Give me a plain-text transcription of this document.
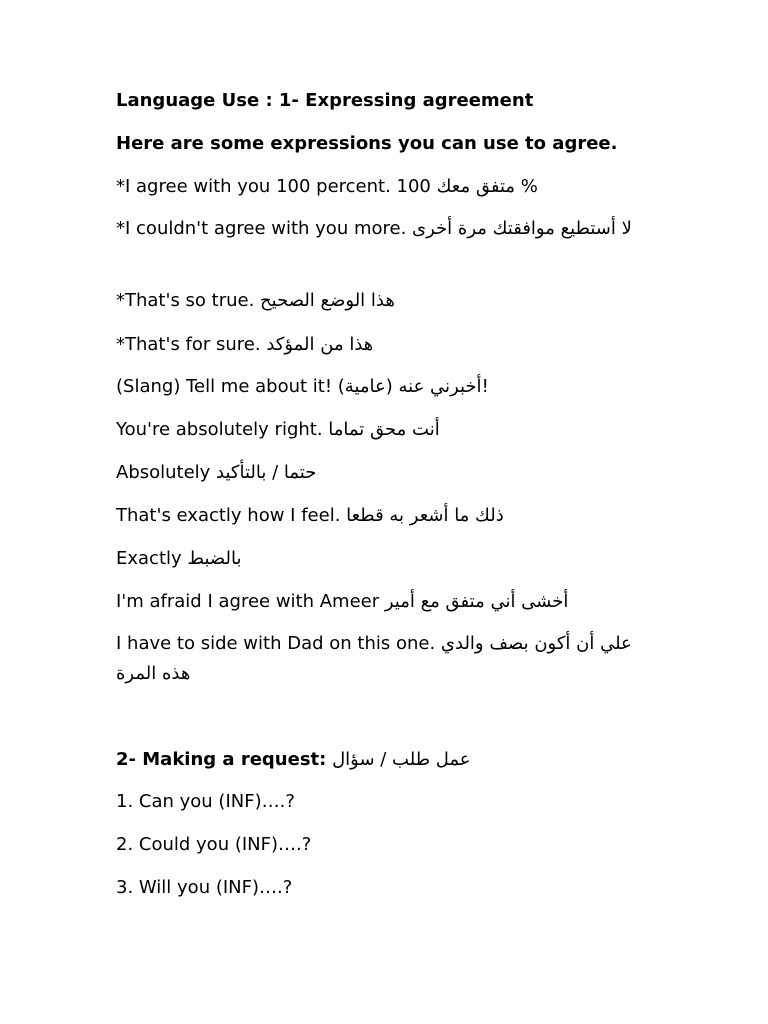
Language Use : 1- Expressing agreement
Here are some expressions you can use to agree.
*I agree with you 100 percent. 100 متفق معك %
*I couldn't agree with you more. لا أستطيع موافقتك مرة أخرى
*That's so true. هذا الوضع الصحيح
*That's for sure. هذا من المؤكد
(Slang) Tell me about it! (عامية) أخبرني عنه!
You're absolutely right. أنت محق تماما
Absolutely حتما / بالتأكيد
That's exactly how I feel. ذلك ما أشعر به قطعا
Exactly بالضبط
I'm afraid I agree with Ameer أخشى أني متفق مع أمير
I have to side with Dad on this one. علي أن أكون بصف والدي هذه المرة
2- Making a request: عمل طلب / سؤال
1. Can you (INF)….?
2. Could you (INF)….?
3. Will you (INF)….?
